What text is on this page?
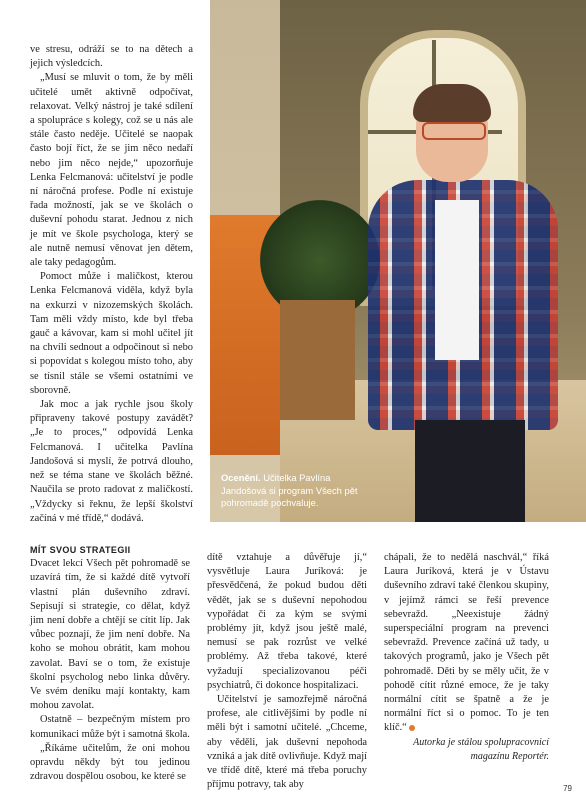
ve stresu, odráží se to na dětech a jejich výsledcích.

„Musí se mluvit o tom, že by měli učitelé umět aktivně odpočívat, relaxovat. Velký nástroj je také sdílení a spolupráce s kolegy, což se u nás ale stále často neděje. Učitelé se naopak často bojí říct, že se jim něco nedaří nebo jim něco nejde,“ upozorňuje Lenka Felcmanová: učitelství je podle ní náročná profese. Podle ní existuje řada možností, jak se ve školách o duševní pohodu starat. Jednou z nich je mít ve škole psychologa, který se ale nutně nemusí věnovat jen dětem, ale taky pedagogům.

Pomoct může i maličkost, kterou Lenka Felcmanová viděla, když byla na exkurzi v nizozemských školách. Tam měli vždy místo, kde byl třeba gauč a kávovar, kam si mohl učitel jít na chvíli sednout a odpočinout si nebo si popovídat s kolegou místo toho, aby se tísnil stále se všemi ostatními ve sborovně.

Jak moc a jak rychle jsou školy připraveny takové postupy zavádět? „Je to proces,“ odpovídá Lenka Felcmanová. I učitelka Pavlína Jandošová si myslí, že potrvá dlouho, než se téma stane ve školách běžné. Naučila se proto radovat z maličkostí. „Vždycky si řeknu, že lepší školství začíná v mé třídě,“ dodává.

Ocenění. Učitelka Pavlína Jandošová si program Všech pět pohromadě pochvaluje.

MÍT SVOU STRATEGII

Dvacet lekcí Všech pět pohromadě se uzavírá tím, že si každé dítě vytvoří vlastní plán duševního zdraví. Sepisují si strategie, co dělat, když jim není dobře a chtějí se cítit líp. Jak vůbec poznají, že jim není dobře. Na koho se mohou obrátit, kam mohou zavolat. Baví se o tom, že existuje školní psycholog nebo linka důvěry. Ve svém deníku mají kontakty, kam mohou zavolat.

Ostatně – bezpečným místem pro komunikaci může být i samotná škola.

„Říkáme učitelům, že oni mohou opravdu někdy být tou jedinou zdravou dospělou osobou, ke které se

dítě vztahuje a důvěřuje jí,“ vysvětluje Laura Juríková: je přesvědčená, že pokud budou děti vědět, jak se s duševní nepohodou vypořádat či za kým se svými problémy jít, když jsou ještě malé, nemusí se pak rozrůst ve velké problémy. Až třeba takové, které vyžadují specializovanou péči psychiatrů, či dokonce hospitalizaci.

Učitelství je samozřejmě náročná profese, ale citlivějšími by podle ní měli být i samotní učitelé. „Chceme, aby věděli, jak duševní nepohoda vzniká a jak dítě ovlivňuje. Když mají ve třídě dítě, které má třeba poruchy příjmu potravy, tak aby

chápali, že to nedělá naschvál,“ říká Laura Juríková, která je v Ústavu duševního zdraví také členkou skupiny, v jejímž rámci se řeší prevence sebevražd. „Neexistuje žádný superspeciální program na prevenci sebevražd. Prevence začíná už tady, u takových programů, jako je Všech pět pohromadě. Děti by se měly učit, že v pohodě cítit různé emoce, že je taky normální cítit se špatně a že je normální říct si o pomoc. To je ten klíč.“

Autorka je stálou spolupracovnicí magazínu Reportér.

79
